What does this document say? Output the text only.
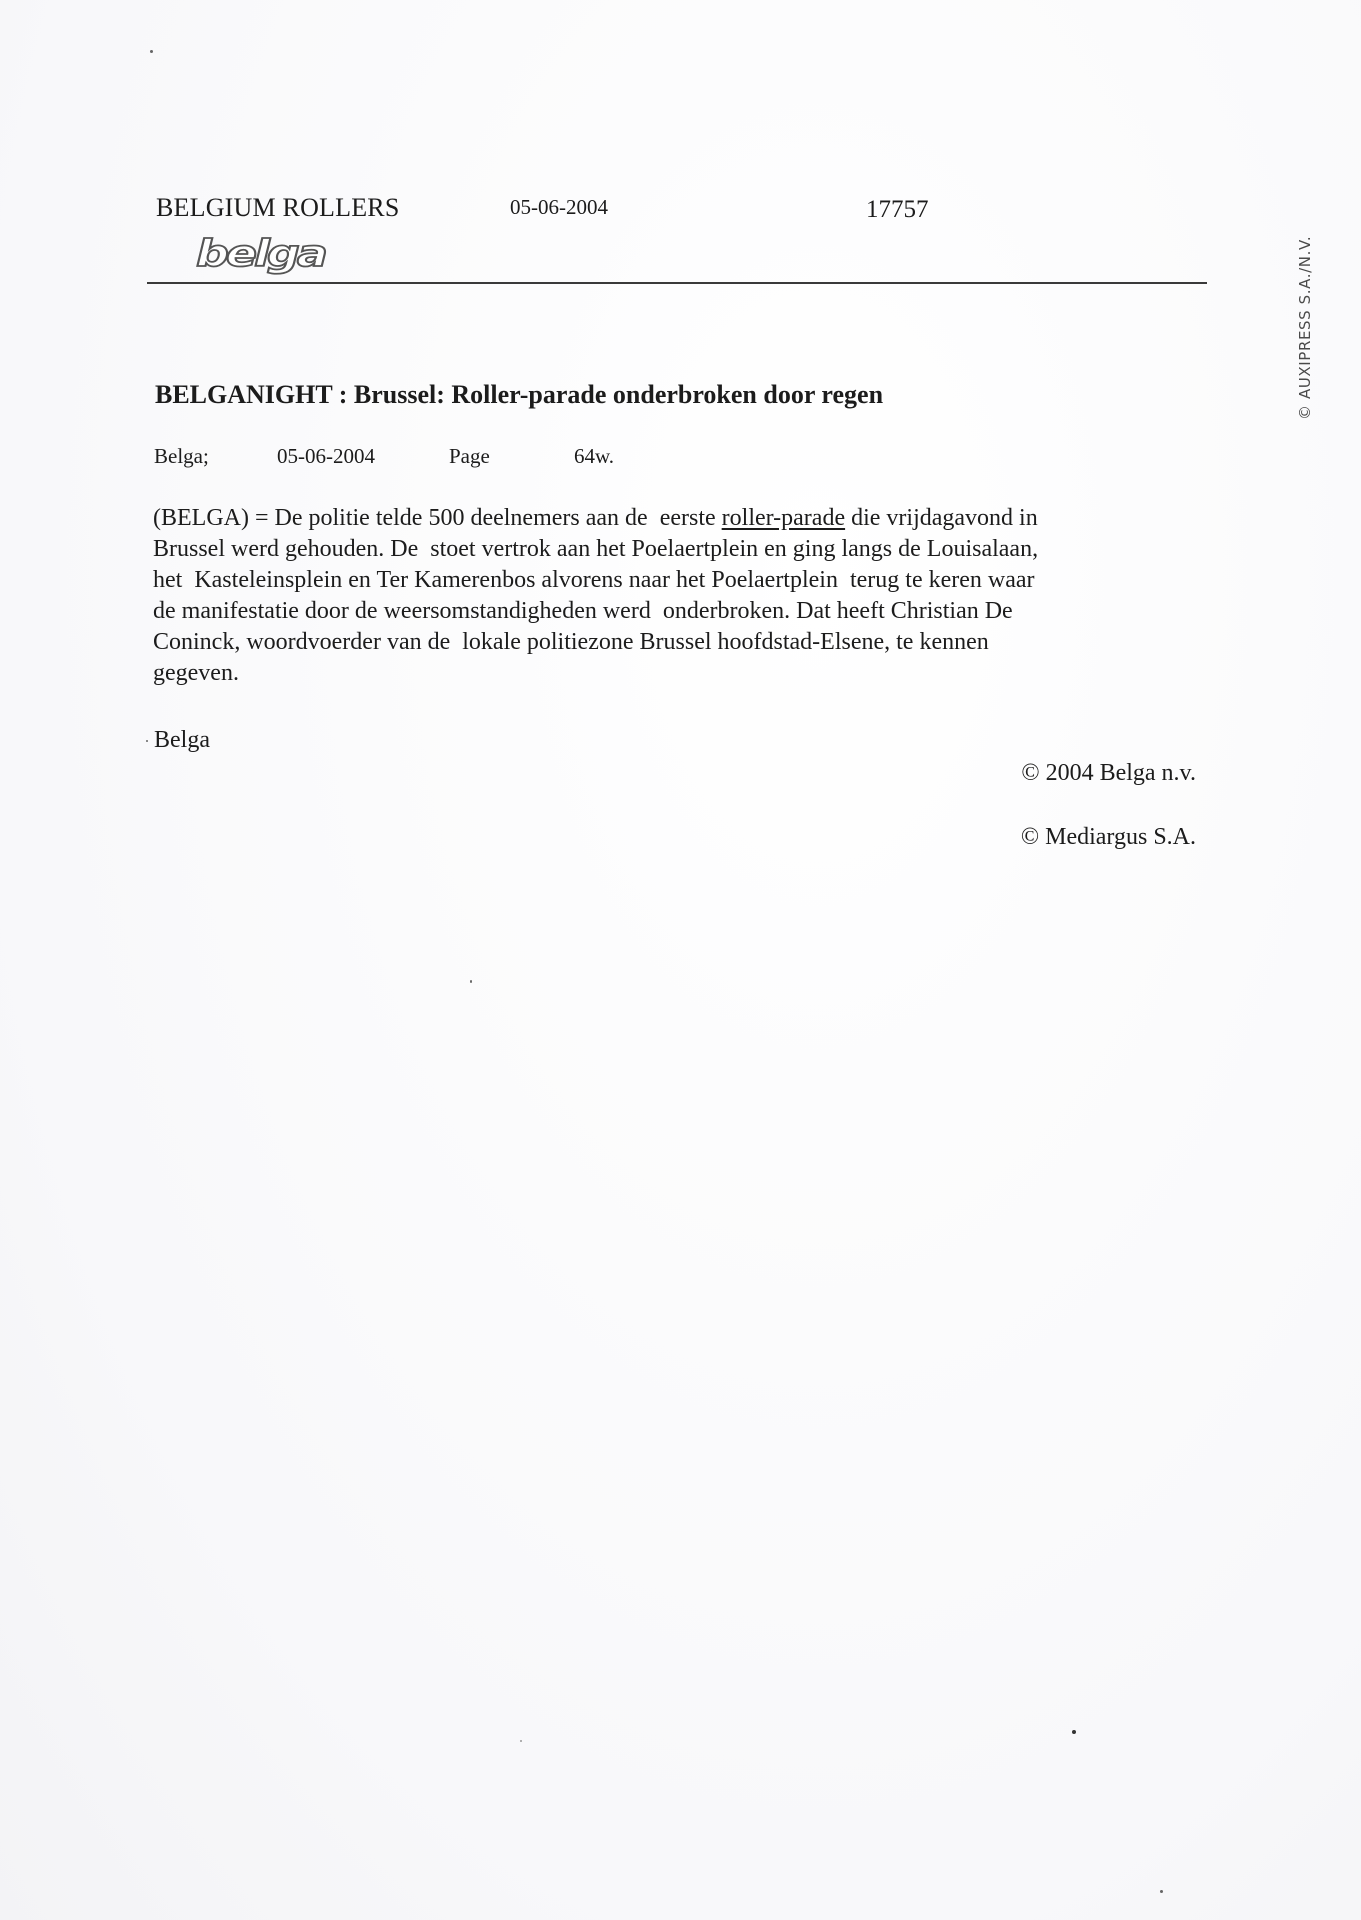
BELGIUM ROLLERS	05-06-2004	17757
belga	© AUXIPRESS S.A./N.V.
BELGANIGHT : Brussel: Roller-parade onderbroken door regen
Belga;	05-06-2004	Page	64w.
(BELGA) = De politie telde 500 deelnemers aan de  eerste roller-parade die vrijdagavond in
Brussel werd gehouden. De  stoet vertrok aan het Poelaertplein en ging langs de Louisalaan,
het  Kasteleinsplein en Ter Kamerenbos alvorens naar het Poelaertplein  terug te keren waar
de manifestatie door de weersomstandigheden werd  onderbroken. Dat heeft Christian De
Coninck, woordvoerder van de  lokale politiezone Brussel hoofdstad-Elsene, te kennen
gegeven.
Belga
© 2004 Belga n.v.
© Mediargus S.A.
